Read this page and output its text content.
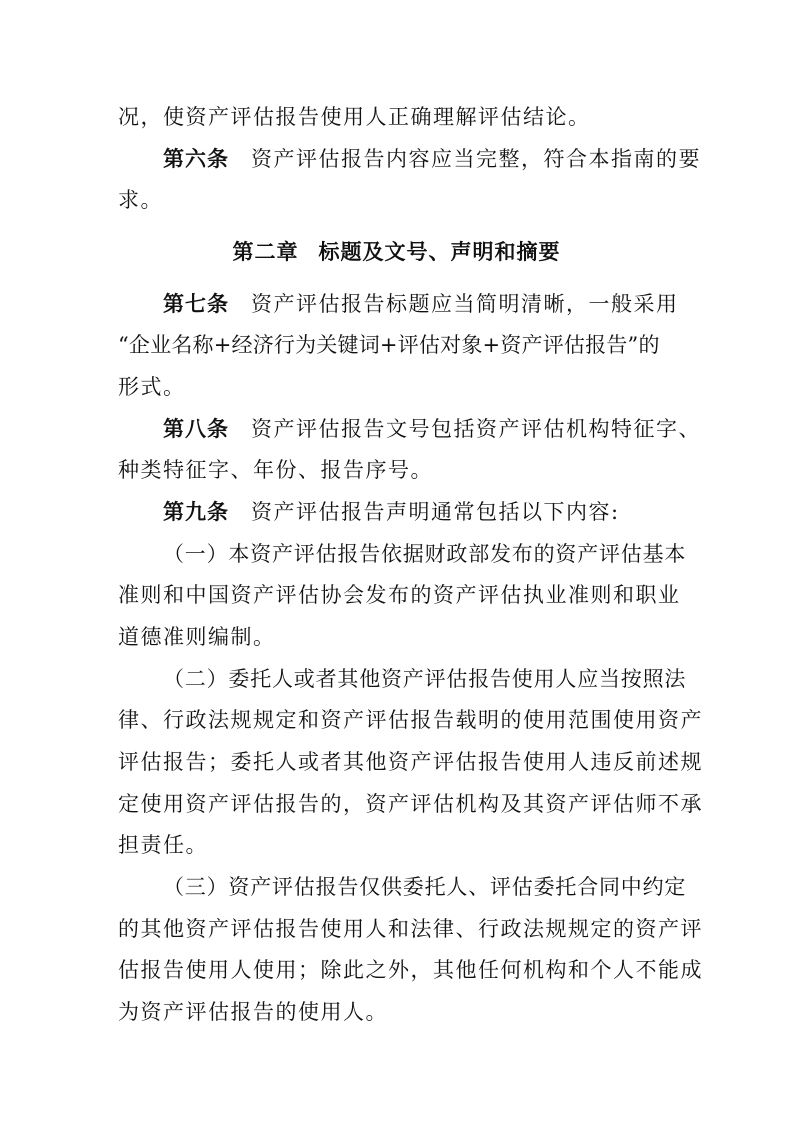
况，使资产评估报告使用人正确理解评估结论。
第六条 资产评估报告内容应当完整，符合本指南的要
求。
第二章 标题及文号、声明和摘要
第七条 资产评估报告标题应当简明清晰，一般采用
“企业名称+经济行为关键词+评估对象+资产评估报告”的
形式。
第八条 资产评估报告文号包括资产评估机构特征字、
种类特征字、年份、报告序号。
第九条 资产评估报告声明通常包括以下内容:
（一）本资产评估报告依据财政部发布的资产评估基本
准则和中国资产评估协会发布的资产评估执业准则和职业
道德准则编制。
（二）委托人或者其他资产评估报告使用人应当按照法
律、行政法规规定和资产评估报告载明的使用范围使用资产
评估报告；委托人或者其他资产评估报告使用人违反前述规
定使用资产评估报告的，资产评估机构及其资产评估师不承
担责任。
（三）资产评估报告仅供委托人、评估委托合同中约定
的其他资产评估报告使用人和法律、行政法规规定的资产评
估报告使用人使用；除此之外，其他任何机构和个人不能成
为资产评估报告的使用人。
